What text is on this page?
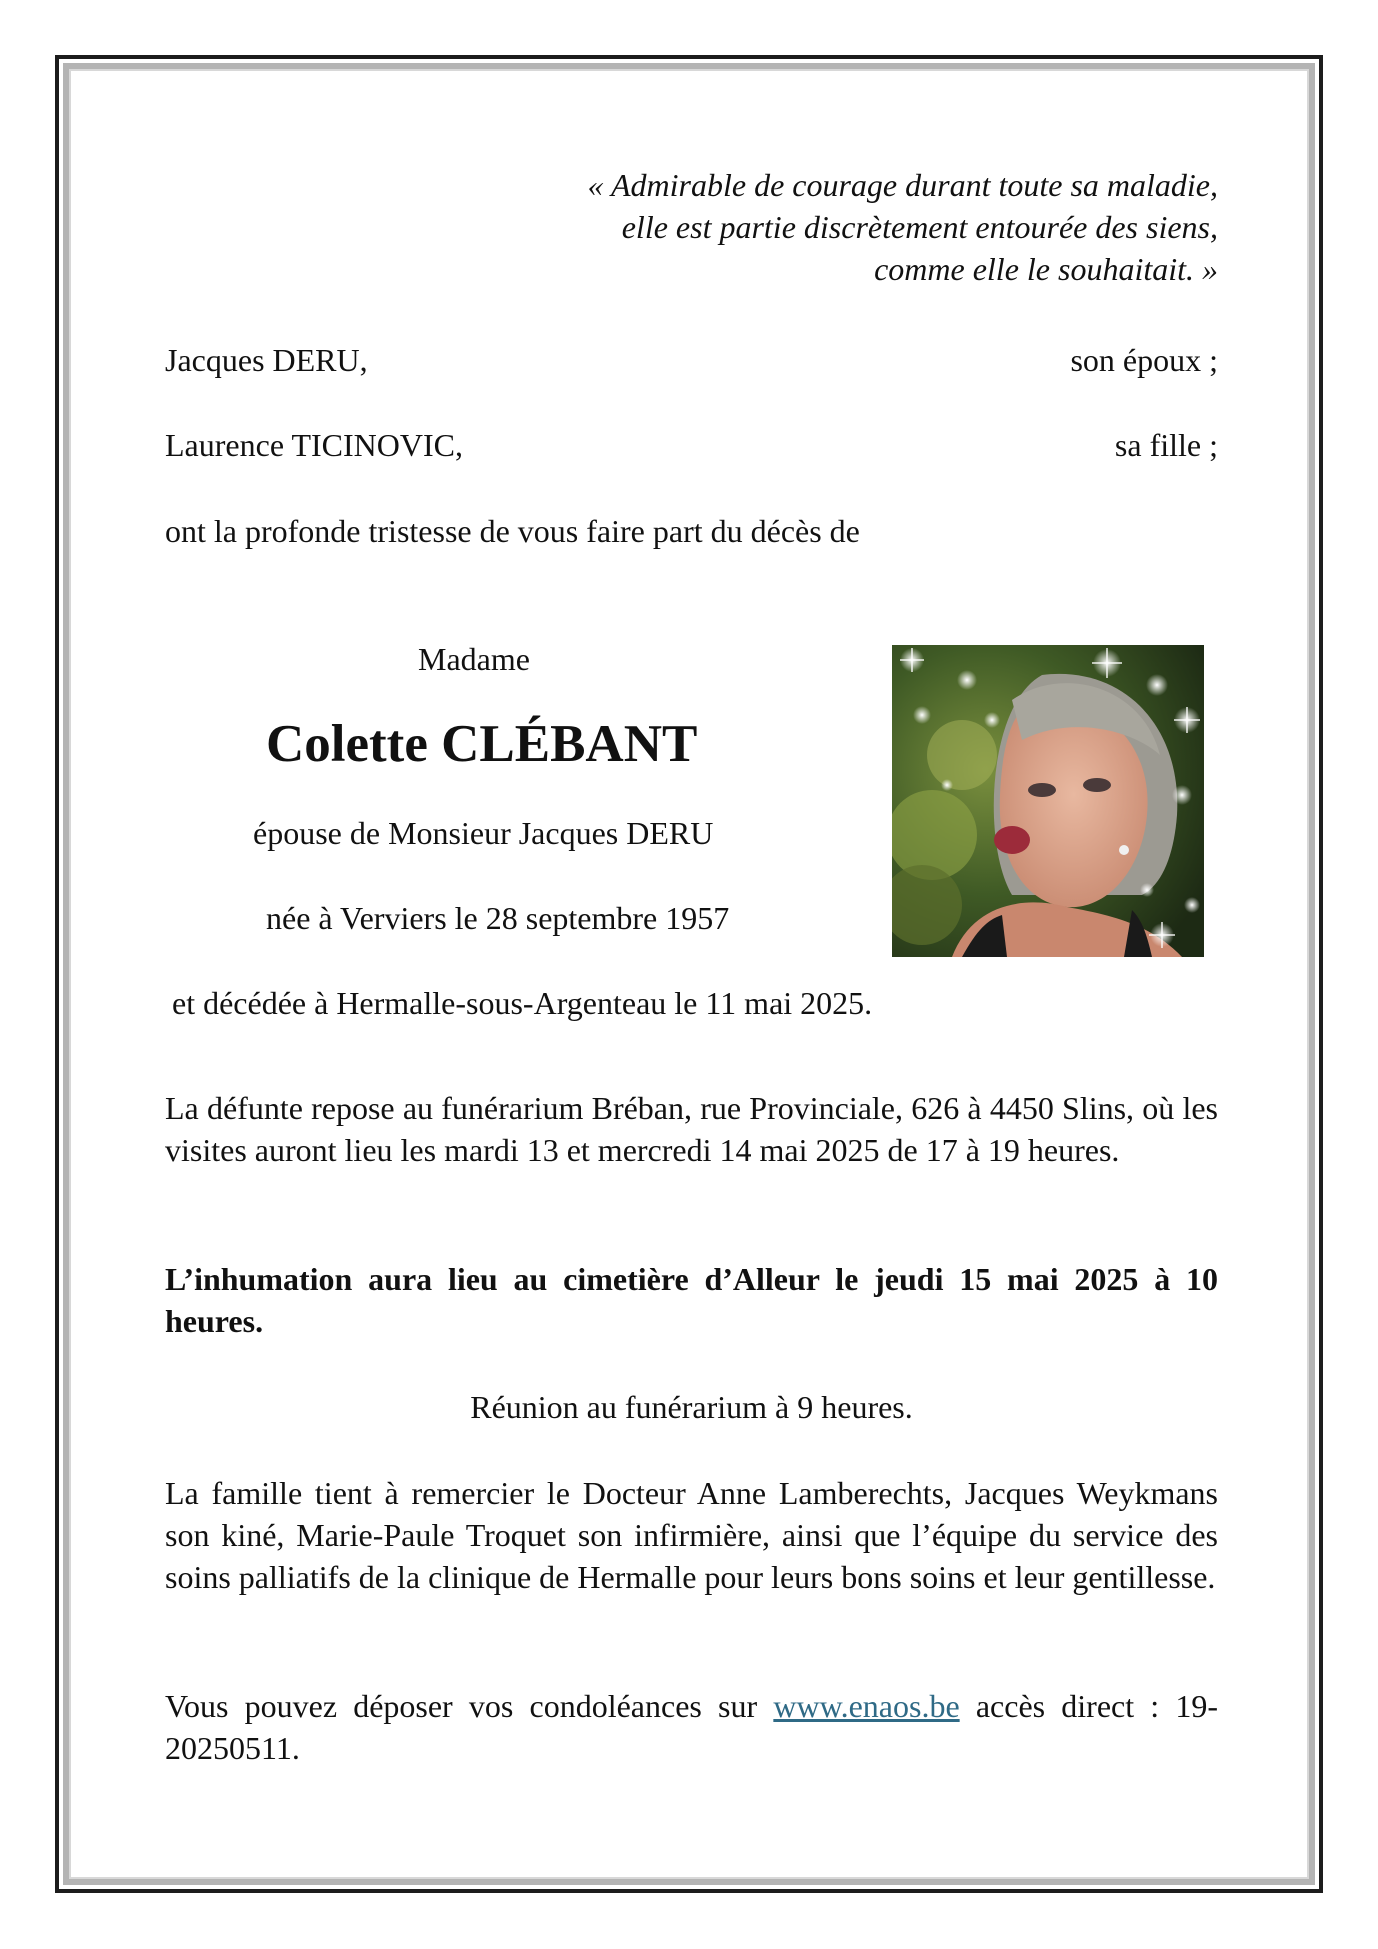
« Admirable de courage durant toute sa maladie,
elle est partie discrètement entourée des siens,
comme elle le souhaitait. »
Jacques DERU,	son époux ;
Laurence TICINOVIC,	sa fille ;
ont la profonde tristesse de vous faire part du décès de
Madame
Colette CLÉBANT
épouse de Monsieur Jacques DERU
née à Verviers le 28 septembre 1957
et décédée à Hermalle-sous-Argenteau le 11 mai 2025.
La défunte repose au funérarium Bréban, rue Provinciale, 626 à 4450 Slins, où les visites auront lieu les mardi 13 et mercredi 14 mai 2025 de 17 à 19 heures.
L’inhumation aura lieu au cimetière d’Alleur le jeudi 15 mai 2025 à 10 heures.
Réunion au funérarium à 9 heures.
La famille tient à remercier le Docteur Anne Lamberechts, Jacques Weykmans son kiné, Marie-Paule Troquet son infirmière, ainsi que l’équipe du service des soins palliatifs de la clinique de Hermalle pour leurs bons soins et leur gentillesse.
Vous pouvez déposer vos condoléances sur www.enaos.be accès direct : 19-20250511.
